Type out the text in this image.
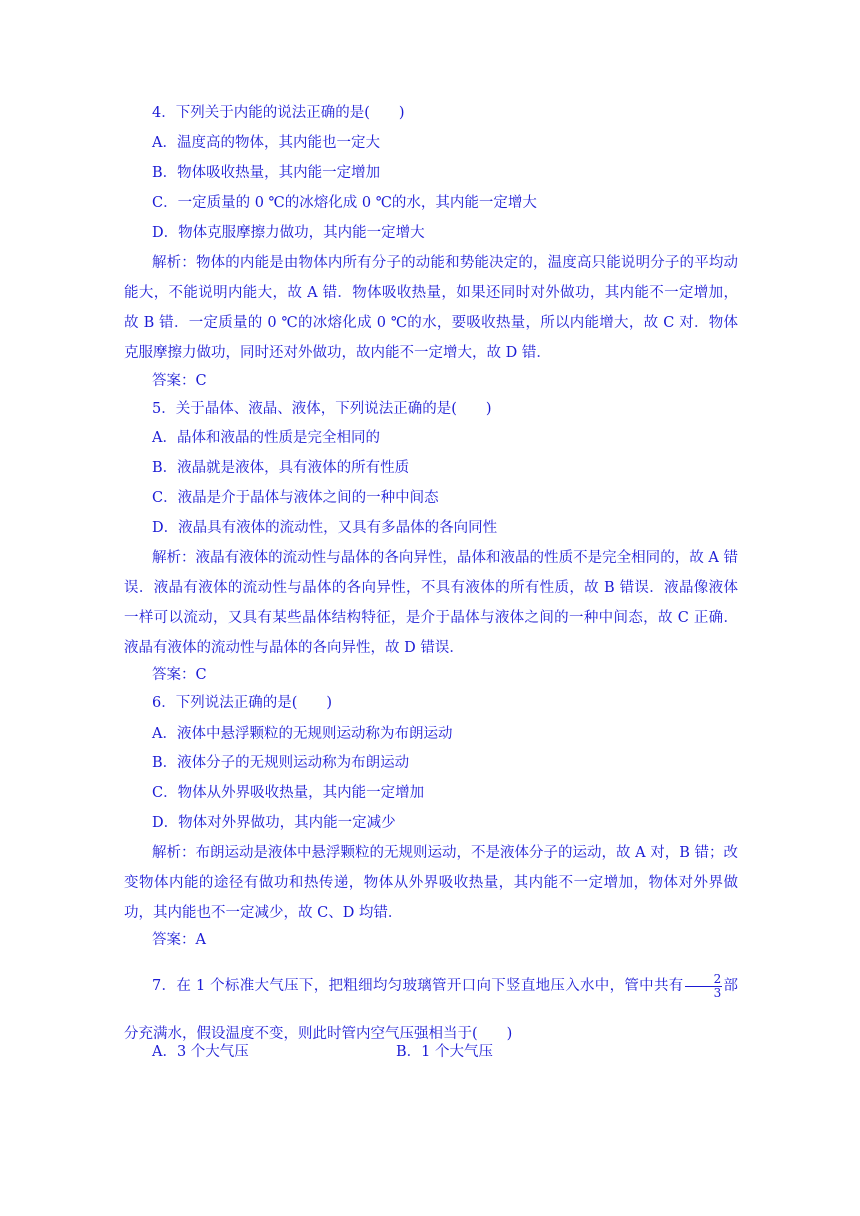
4．下列关于内能的说法正确的是(　　)
A．温度高的物体，其内能也一定大
B．物体吸收热量，其内能一定增加
C．一定质量的 0 ℃的冰熔化成 0 ℃的水，其内能一定增大
D．物体克服摩擦力做功，其内能一定增大
解析：物体的内能是由物体内所有分子的动能和势能决定的，温度高只能说明分子的平均动能大，不能说明内能大，故 A 错．物体吸收热量，如果还同时对外做功，其内能不一定增加，故 B 错．一定质量的 0 ℃的冰熔化成 0 ℃的水，要吸收热量，所以内能增大，故 C 对．物体克服摩擦力做功，同时还对外做功，故内能不一定增大，故 D 错．
答案：C
5．关于晶体、液晶、液体，下列说法正确的是(　　)
A．晶体和液晶的性质是完全相同的
B．液晶就是液体，具有液体的所有性质
C．液晶是介于晶体与液体之间的一种中间态
D．液晶具有液体的流动性，又具有多晶体的各向同性
解析：液晶有液体的流动性与晶体的各向异性，晶体和液晶的性质不是完全相同的，故 A 错误．液晶有液体的流动性与晶体的各向异性，不具有液体的所有性质，故 B 错误．液晶像液体一样可以流动，又具有某些晶体结构特征，是介于晶体与液体之间的一种中间态，故 C 正确．液晶有液体的流动性与晶体的各向异性，故 D 错误．
答案：C
6．下列说法正确的是(　　)
A．液体中悬浮颗粒的无规则运动称为布朗运动
B．液体分子的无规则运动称为布朗运动
C．物体从外界吸收热量，其内能一定增加
D．物体对外界做功，其内能一定减少
解析：布朗运动是液体中悬浮颗粒的无规则运动，不是液体分子的运动，故 A 对，B 错；改变物体内能的途径有做功和热传递，物体从外界吸收热量，其内能不一定增加，物体对外界做功，其内能也不一定减少，故 C、D 均错．
答案：A
7．在 1 个标准大气压下，把粗细均匀玻璃管开口向下竖直地压入水中，管中共有 $\frac{2}{3}$ 部分充满水，假设温度不变，则此时管内空气压强相当于(　　)
A．3 个大气压	B．1 个大气压
